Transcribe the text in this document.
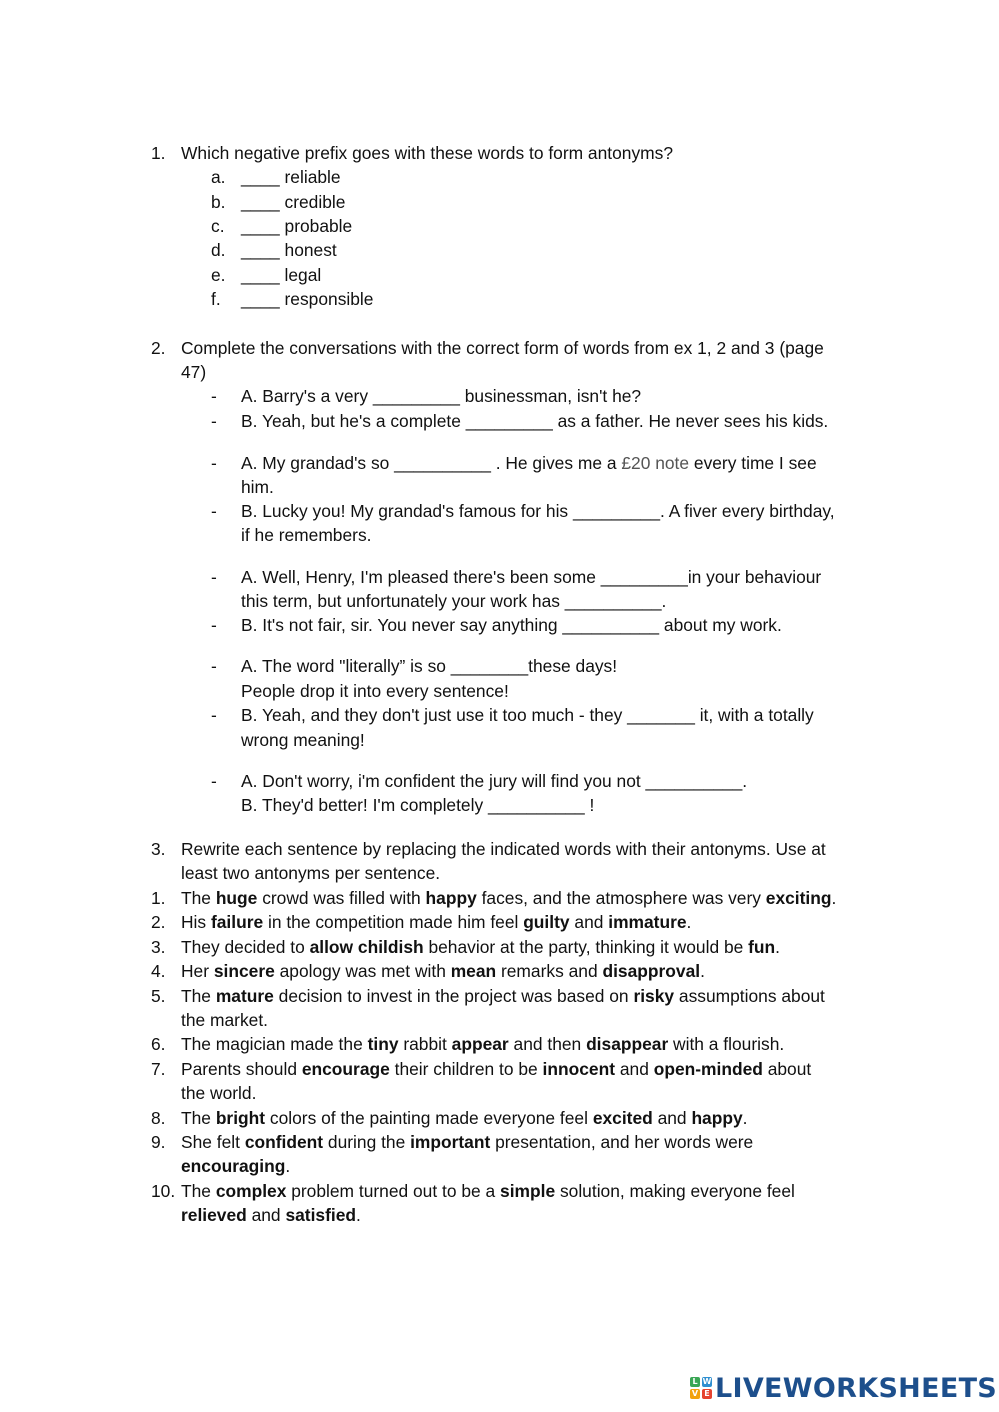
1. Which negative prefix goes with these words to form antonyms?
a. ____ reliable
b. ____ credible
c. ____ probable
d. ____ honest
e. ____ legal
f. ____ responsible
2. Complete the conversations with the correct form of words from ex 1, 2 and 3 (page
47)
- A. Barry's a very _________ businessman, isn't he?
- B. Yeah, but he's a complete _________ as a father. He never sees his kids.
- A. My grandad's so __________ . He gives me a £20 note every time I see
him.
- B. Lucky you! My grandad's famous for his _________. A fiver every birthday,
if he remembers.
- A. Well, Henry, I'm pleased there's been some _________in your behaviour
this term, but unfortunately your work has __________.
- B. It's not fair, sir. You never say anything __________ about my work.
- A. The word "literally” is so ________these days!
People drop it into every sentence!
- B. Yeah, and they don't just use it too much - they _______ it, with a totally
wrong meaning!
- A. Don't worry, i'm confident the jury will find you not __________.
B. They'd better! I'm completely __________ !
3. Rewrite each sentence by replacing the indicated words with their antonyms. Use at
least two antonyms per sentence.
1. The huge crowd was filled with happy faces, and the atmosphere was very exciting.
2. His failure in the competition made him feel guilty and immature.
3. They decided to allow childish behavior at the party, thinking it would be fun.
4. Her sincere apology was met with mean remarks and disapproval.
5. The mature decision to invest in the project was based on risky assumptions about
the market.
6. The magician made the tiny rabbit appear and then disappear with a flourish.
7. Parents should encourage their children to be innocent and open-minded about
the world.
8. The bright colors of the painting made everyone feel excited and happy.
9. She felt confident during the important presentation, and her words were
encouraging.
10. The complex problem turned out to be a simple solution, making everyone feel
relieved and satisfied.
L W
V E LIVEWORKSHEETS
